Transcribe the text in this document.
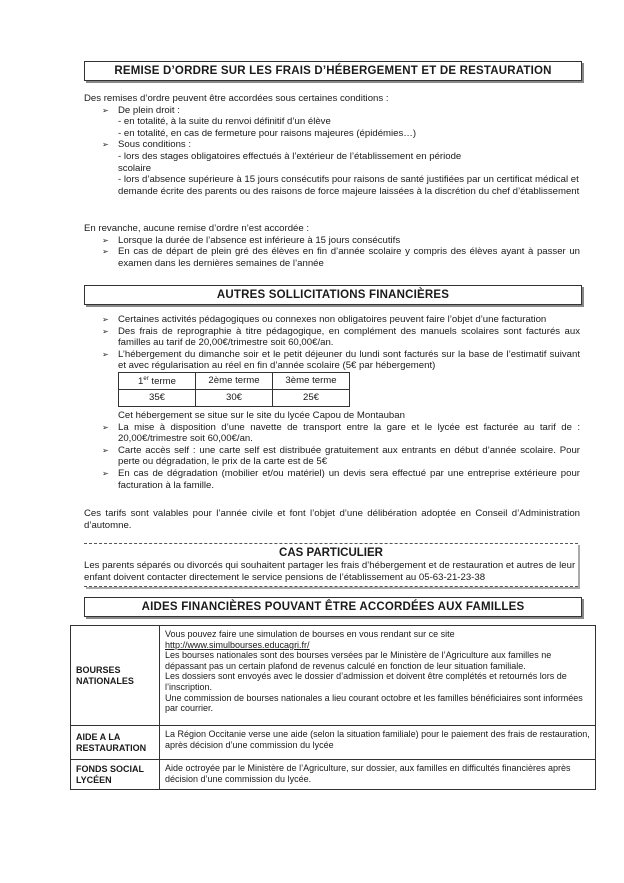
REMISE D’ORDRE SUR LES FRAIS D’HÉBERGEMENT ET DE RESTAURATION
Des remises d’ordre peuvent être accordées sous certaines conditions :
➢ De plein droit :
- en totalité, à la suite du renvoi définitif d’un élève
- en totalité, en cas de fermeture pour raisons majeures (épidémies…)
➢ Sous conditions :
- lors des stages obligatoires effectués à l’extérieur de l’établissement en période
scolaire
- lors d’absence supérieure à 15 jours consécutifs pour raisons de santé justifiées par un certificat médical et demande écrite des parents ou des raisons de force majeure laissées à la discrétion du chef d’établissement
En revanche, aucune remise d’ordre n’est accordée :
➢ Lorsque la durée de l’absence est inférieure à 15 jours consécutifs
➢ En cas de départ de plein gré des élèves en fin d’année scolaire y compris des élèves ayant à passer un examen dans les dernières semaines de l’année
AUTRES SOLLICITATIONS FINANCIÈRES
➢ Certaines activités pédagogiques ou connexes non obligatoires peuvent faire l’objet d’une facturation
➢ Des frais de reprographie à titre pédagogique, en complément des manuels scolaires sont facturés aux familles au tarif de 20,00€/trimestre soit 60,00€/an.
➢ L’hébergement du dimanche soir et le petit déjeuner du lundi sont facturés sur la base de l’estimatif suivant et avec régularisation au réel en fin d’année scolaire (5€ par hébergement)
1er terme	2ème terme	3ème terme
35€	30€	25€
Cet hébergement se situe sur le site du lycée Capou de Montauban
➢ La mise à disposition d’une navette de transport entre la gare et le lycée est facturée au tarif de : 20,00€/trimestre soit 60,00€/an.
➢ Carte accès self : une carte self est distribuée gratuitement aux entrants en début d’année scolaire. Pour perte ou dégradation, le prix de la carte est de 5€
➢ En cas de dégradation (mobilier et/ou matériel) un devis sera effectué par une entreprise extérieure pour facturation à la famille.
Ces tarifs sont valables pour l’année civile et font l’objet d’une délibération adoptée en Conseil d’Administration d’automne.
CAS PARTICULIER
Les parents séparés ou divorcés qui souhaitent partager les frais d’hébergement et de restauration et autres de leur enfant doivent contacter directement le service pensions de l’établissement au 05-63-21-23-38
AIDES FINANCIÈRES POUVANT ÊTRE ACCORDÉES AUX FAMILLES
BOURSES NATIONALES	Vous pouvez faire une simulation de bourses en vous rendant sur ce site
http://www.simulbourses.educagri.fr/
Les bourses nationales sont des bourses versées par le Ministère de l’Agriculture aux familles ne dépassant pas un certain plafond de revenus calculé en fonction de leur situation familiale.
Les dossiers sont envoyés avec le dossier d’admission et doivent être complétés et retournés lors de l’inscription.
Une commission de bourses nationales a lieu courant octobre et les familles bénéficiaires sont informées par courrier.

AIDE A LA RESTAURATION	La Région Occitanie verse une aide (selon la situation familiale) pour le paiement des frais de restauration, après décision d’une commission du lycée
FONDS SOCIAL LYCÉEN	Aide octroyée par le Ministère de l’Agriculture, sur dossier, aux familles en difficultés financières après décision d’une commission du lycée.
